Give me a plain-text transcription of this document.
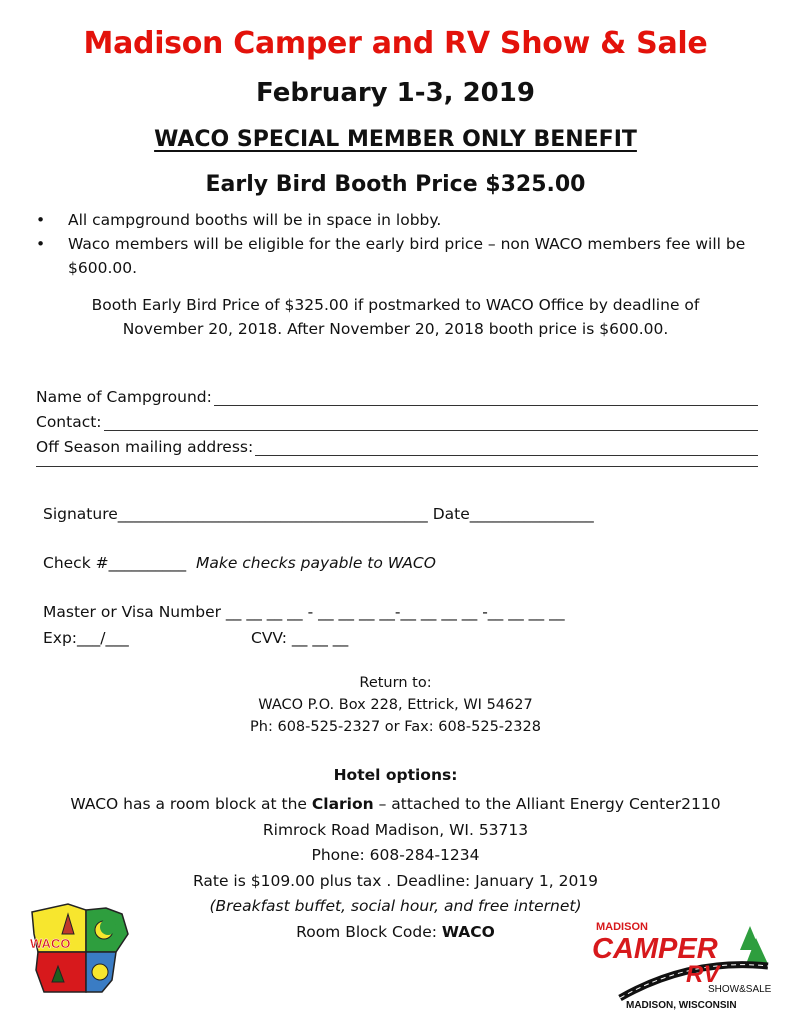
Madison Camper and RV Show & Sale
February 1-3, 2019
WACO SPECIAL MEMBER ONLY BENEFIT
Early Bird Booth Price $325.00
• All campground booths will be in space in lobby.
• Waco members will be eligible for the early bird price – non WACO members fee will be $600.00.
Booth Early Bird Price of $325.00 if postmarked to WACO Office by deadline of November 20, 2018. After November 20, 2018 booth price is $600.00.
Name of Campground:
Contact:
Off Season mailing address:
Signature________________________________________ Date________________
Check #__________ Make checks payable to WACO
Master or Visa Number __ __ __ __ - __ __ __ __-__ __ __ __ -__ __ __ __
Exp:___/___	CVV: __ __ __
Return to:
WACO P.O. Box 228, Ettrick, WI 54627
Ph: 608-525-2327 or Fax: 608-525-2328
Hotel options:
WACO has a room block at the Clarion – attached to the Alliant Energy Center2110
Rimrock Road Madison, WI. 53713
Phone: 608-284-1234
Rate is $109.00 plus tax . Deadline: January 1, 2019
(Breakfast buffet, social hour, and free internet)
Room Block Code: WACO
WACO
MADISON
CAMPER
RV
SHOW&SALE
MADISON, WISCONSIN
